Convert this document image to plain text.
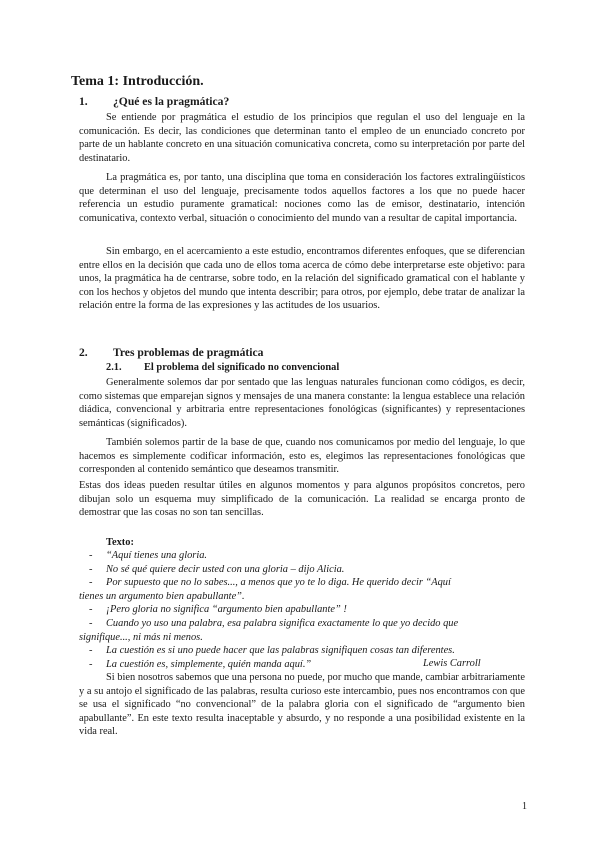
Tema 1: Introducción.
1. ¿Qué es la pragmática?
Se entiende por pragmática el estudio de los principios que regulan el uso del lenguaje en la comunicación. Es decir, las condiciones que determinan tanto el empleo de un enunciado concreto por parte de un hablante concreto en una situación comunicativa concreta, como su interpretación por parte del destinatario.
La pragmática es, por tanto, una disciplina que toma en consideración los factores extralingüísticos que determinan el uso del lenguaje, precisamente todos aquellos factores a los que no puede hacer referencia un estudio puramente gramatical: nociones como las de emisor, destinatario, intención comunicativa, contexto verbal, situación o conocimiento del mundo van a resultar de capital importancia.
Sin embargo, en el acercamiento a este estudio, encontramos diferentes enfoques, que se diferencian entre ellos en la decisión que cada uno de ellos toma acerca de cómo debe interpretarse este objetivo: para unos, la pragmática ha de centrarse, sobre todo, en la relación del significado gramatical con el hablante y con los hechos y objetos del mundo que intenta describir; para otros, por ejemplo, debe tratar de analizar la relación entre la forma de las expresiones y las actitudes de los usuarios.
2. Tres problemas de pragmática
2.1. El problema del significado no convencional
Generalmente solemos dar por sentado que las lenguas naturales funcionan como códigos, es decir, como sistemas que emparejan signos y mensajes de una manera constante: la lengua establece una relación diádica, convencional y arbitraria entre representaciones fonológicas (significantes) y representaciones semánticas (significados).
También solemos partir de la base de que, cuando nos comunicamos por medio del lenguaje, lo que hacemos es simplemente codificar información, esto es, elegimos las representaciones fonológicas que corresponden al contenido semántico que deseamos transmitir.
Estas dos ideas pueden resultar útiles en algunos momentos y para algunos propósitos concretos, pero dibujan solo un esquema muy simplificado de la comunicación. La realidad se encarga pronto de demostrar que las cosas no son tan sencillas.
Texto:
- “Aquí tienes una gloria.
- No sé qué quiere decir usted con una gloria – dijo Alicia.
- Por supuesto que no lo sabes..., a menos que yo te lo diga. He querido decir “Aquí
tienes un argumento bien apabullante”.
- ¡Pero gloria no significa “argumento bien apabullante” !
- Cuando yo uso una palabra, esa palabra significa exactamente lo que yo decido que
signifique..., ni más ni menos.
- La cuestión es si uno puede hacer que las palabras signifiquen cosas tan diferentes.
- La cuestión es, simplemente, quién manda aquí.”	Lewis Carroll
Si bien nosotros sabemos que una persona no puede, por mucho que mande, cambiar arbitrariamente y a su antojo el significado de las palabras, resulta curioso este intercambio, pues nos encontramos con que se usa el significado “no convencional” de la palabra gloria con el significado de “argumento bien apabullante”. En este texto resulta inaceptable y absurdo, y no responde a una posibilidad existente en la vida real.
1
